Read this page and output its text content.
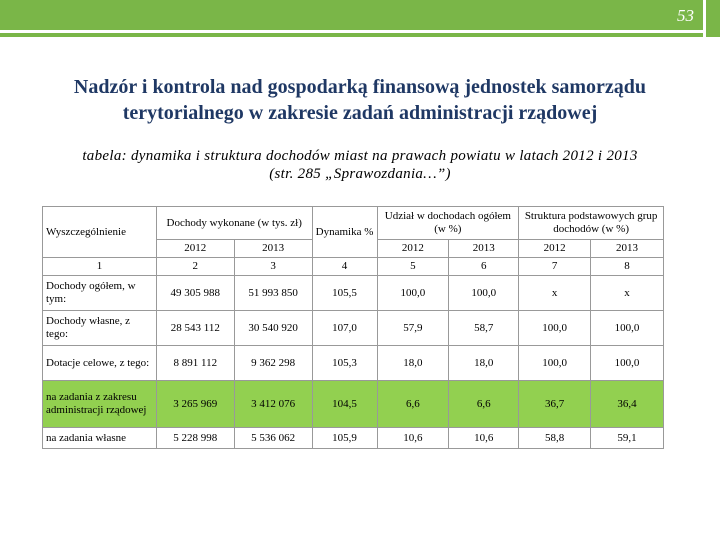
53
Nadzór i kontrola nad gospodarką finansową jednostek samorządu
terytorialnego w zakresie zadań administracji rządowej
tabela: dynamika i struktura dochodów miast na prawach powiatu w latach 2012 i 2013
(str. 285 „Sprawozdania…”)
Wyszczególnienie	Dochody wykonane (w tys. zł)		Dynamika %	Udział w dochodach ogółem (w %)		Struktura podstawowych grup dochodów (w %)	
	2012	2013		2012	2013	2012	2013
1	2	3	4	5	6	7	8
Dochody ogółem, w tym:	49 305 988	51 993 850	105,5	100,0	100,0	x	x
Dochody własne, z tego:	28 543 112	30 540 920	107,0	57,9	58,7	100,0	100,0
Dotacje celowe, z tego:	8 891 112	9 362 298	105,3	18,0	18,0	100,0	100,0
na zadania z zakresu administracji rządowej	3 265 969	3 412 076	104,5	6,6	6,6	36,7	36,4
na zadania własne	5 228 998	5 536 062	105,9	10,6	10,6	58,8	59,1
